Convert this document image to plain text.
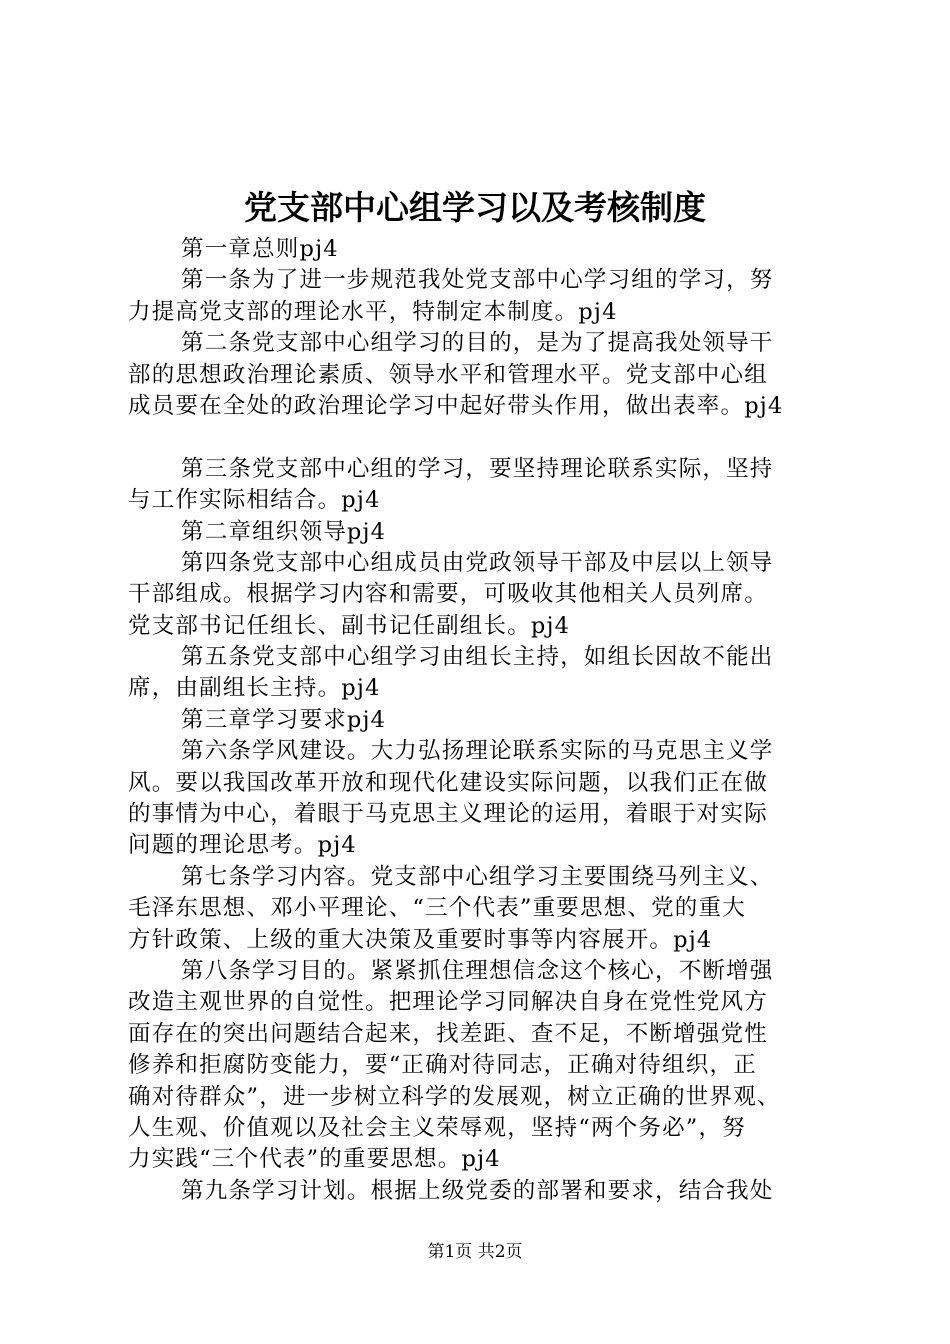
党支部中心组学习以及考核制度
第一章总则pj4
第一条为了进一步规范我处党支部中心学习组的学习，努
力提高党支部的理论水平，特制定本制度。pj4
第二条党支部中心组学习的目的，是为了提高我处领导干
部的思想政治理论素质、领导水平和管理水平。党支部中心组
成员要在全处的政治理论学习中起好带头作用，做出表率。pj4
第三条党支部中心组的学习，要坚持理论联系实际，坚持
与工作实际相结合。pj4
第二章组织领导pj4
第四条党支部中心组成员由党政领导干部及中层以上领导
干部组成。根据学习内容和需要，可吸收其他相关人员列席。
党支部书记任组长、副书记任副组长。pj4
第五条党支部中心组学习由组长主持，如组长因故不能出
席，由副组长主持。pj4
第三章学习要求pj4
第六条学风建设。大力弘扬理论联系实际的马克思主义学
风。要以我国改革开放和现代化建设实际问题，以我们正在做
的事情为中心，着眼于马克思主义理论的运用，着眼于对实际
问题的理论思考。pj4
第七条学习内容。党支部中心组学习主要围绕马列主义、
毛泽东思想、邓小平理论、“三个代表”重要思想、党的重大
方针政策、上级的重大决策及重要时事等内容展开。pj4
第八条学习目的。紧紧抓住理想信念这个核心，不断增强
改造主观世界的自觉性。把理论学习同解决自身在党性党风方
面存在的突出问题结合起来，找差距、查不足，不断增强党性
修养和拒腐防变能力，要“正确对待同志，正确对待组织，正
确对待群众”，进一步树立科学的发展观，树立正确的世界观、
人生观、价值观以及社会主义荣辱观，坚持“两个务必”，努
力实践“三个代表”的重要思想。pj4
第九条学习计划。根据上级党委的部署和要求，结合我处
第1页 共2页
